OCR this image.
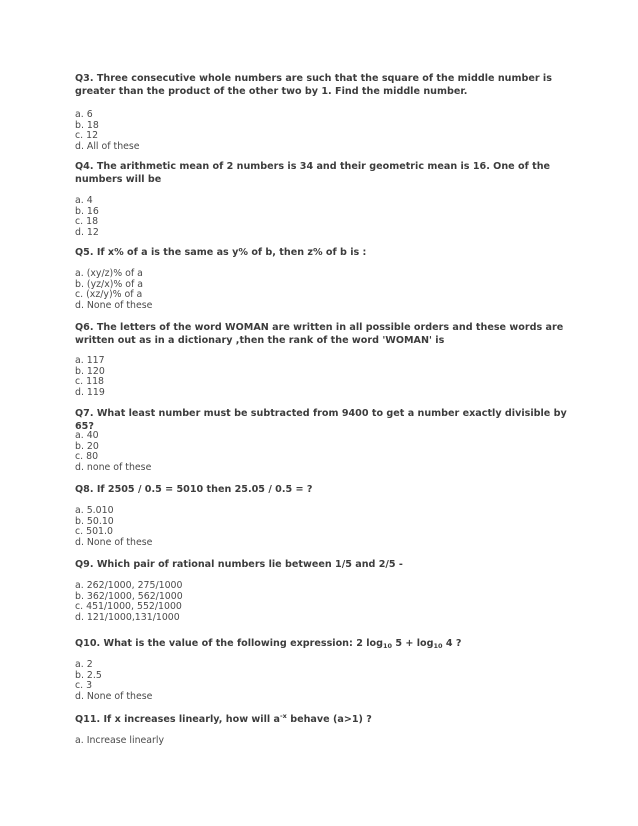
Q3. Three consecutive whole numbers are such that the square of the middle number is greater than the product of the other two by 1. Find the middle number.
a. 6
b. 18
c. 12
d. All of these
Q4. The arithmetic mean of 2 numbers is 34 and their geometric mean is 16. One of the numbers will be
a. 4
b. 16
c. 18
d. 12
Q5. If x% of a is the same as y% of b, then z% of b is :
a. (xy/z)% of a
b. (yz/x)% of a
c. (xz/y)% of a
d. None of these
Q6. The letters of the word WOMAN are written in all possible orders and these words are written out as in a dictionary ,then the rank of the word 'WOMAN' is
a. 117
b. 120
c. 118
d. 119
Q7. What least number must be subtracted from 9400 to get a number exactly divisible by 65?
a. 40
b. 20
c. 80
d. none of these
Q8. If 2505 / 0.5 = 5010 then 25.05 / 0.5 = ?
a. 5.010
b. 50.10
c. 501.0
d. None of these
Q9. Which pair of rational numbers lie between 1/5 and 2/5 -
a. 262/1000, 275/1000
b. 362/1000, 562/1000
c. 451/1000, 552/1000
d. 121/1000,131/1000
Q10. What is the value of the following expression: 2 $\log_{10} 5 + \log_{10} 4$ ?
a. 2
b. 2.5
c. 3
d. None of these
Q11. If x increases linearly, how will $a^{-x}$ behave (a>1) ?
a. Increase linearly
